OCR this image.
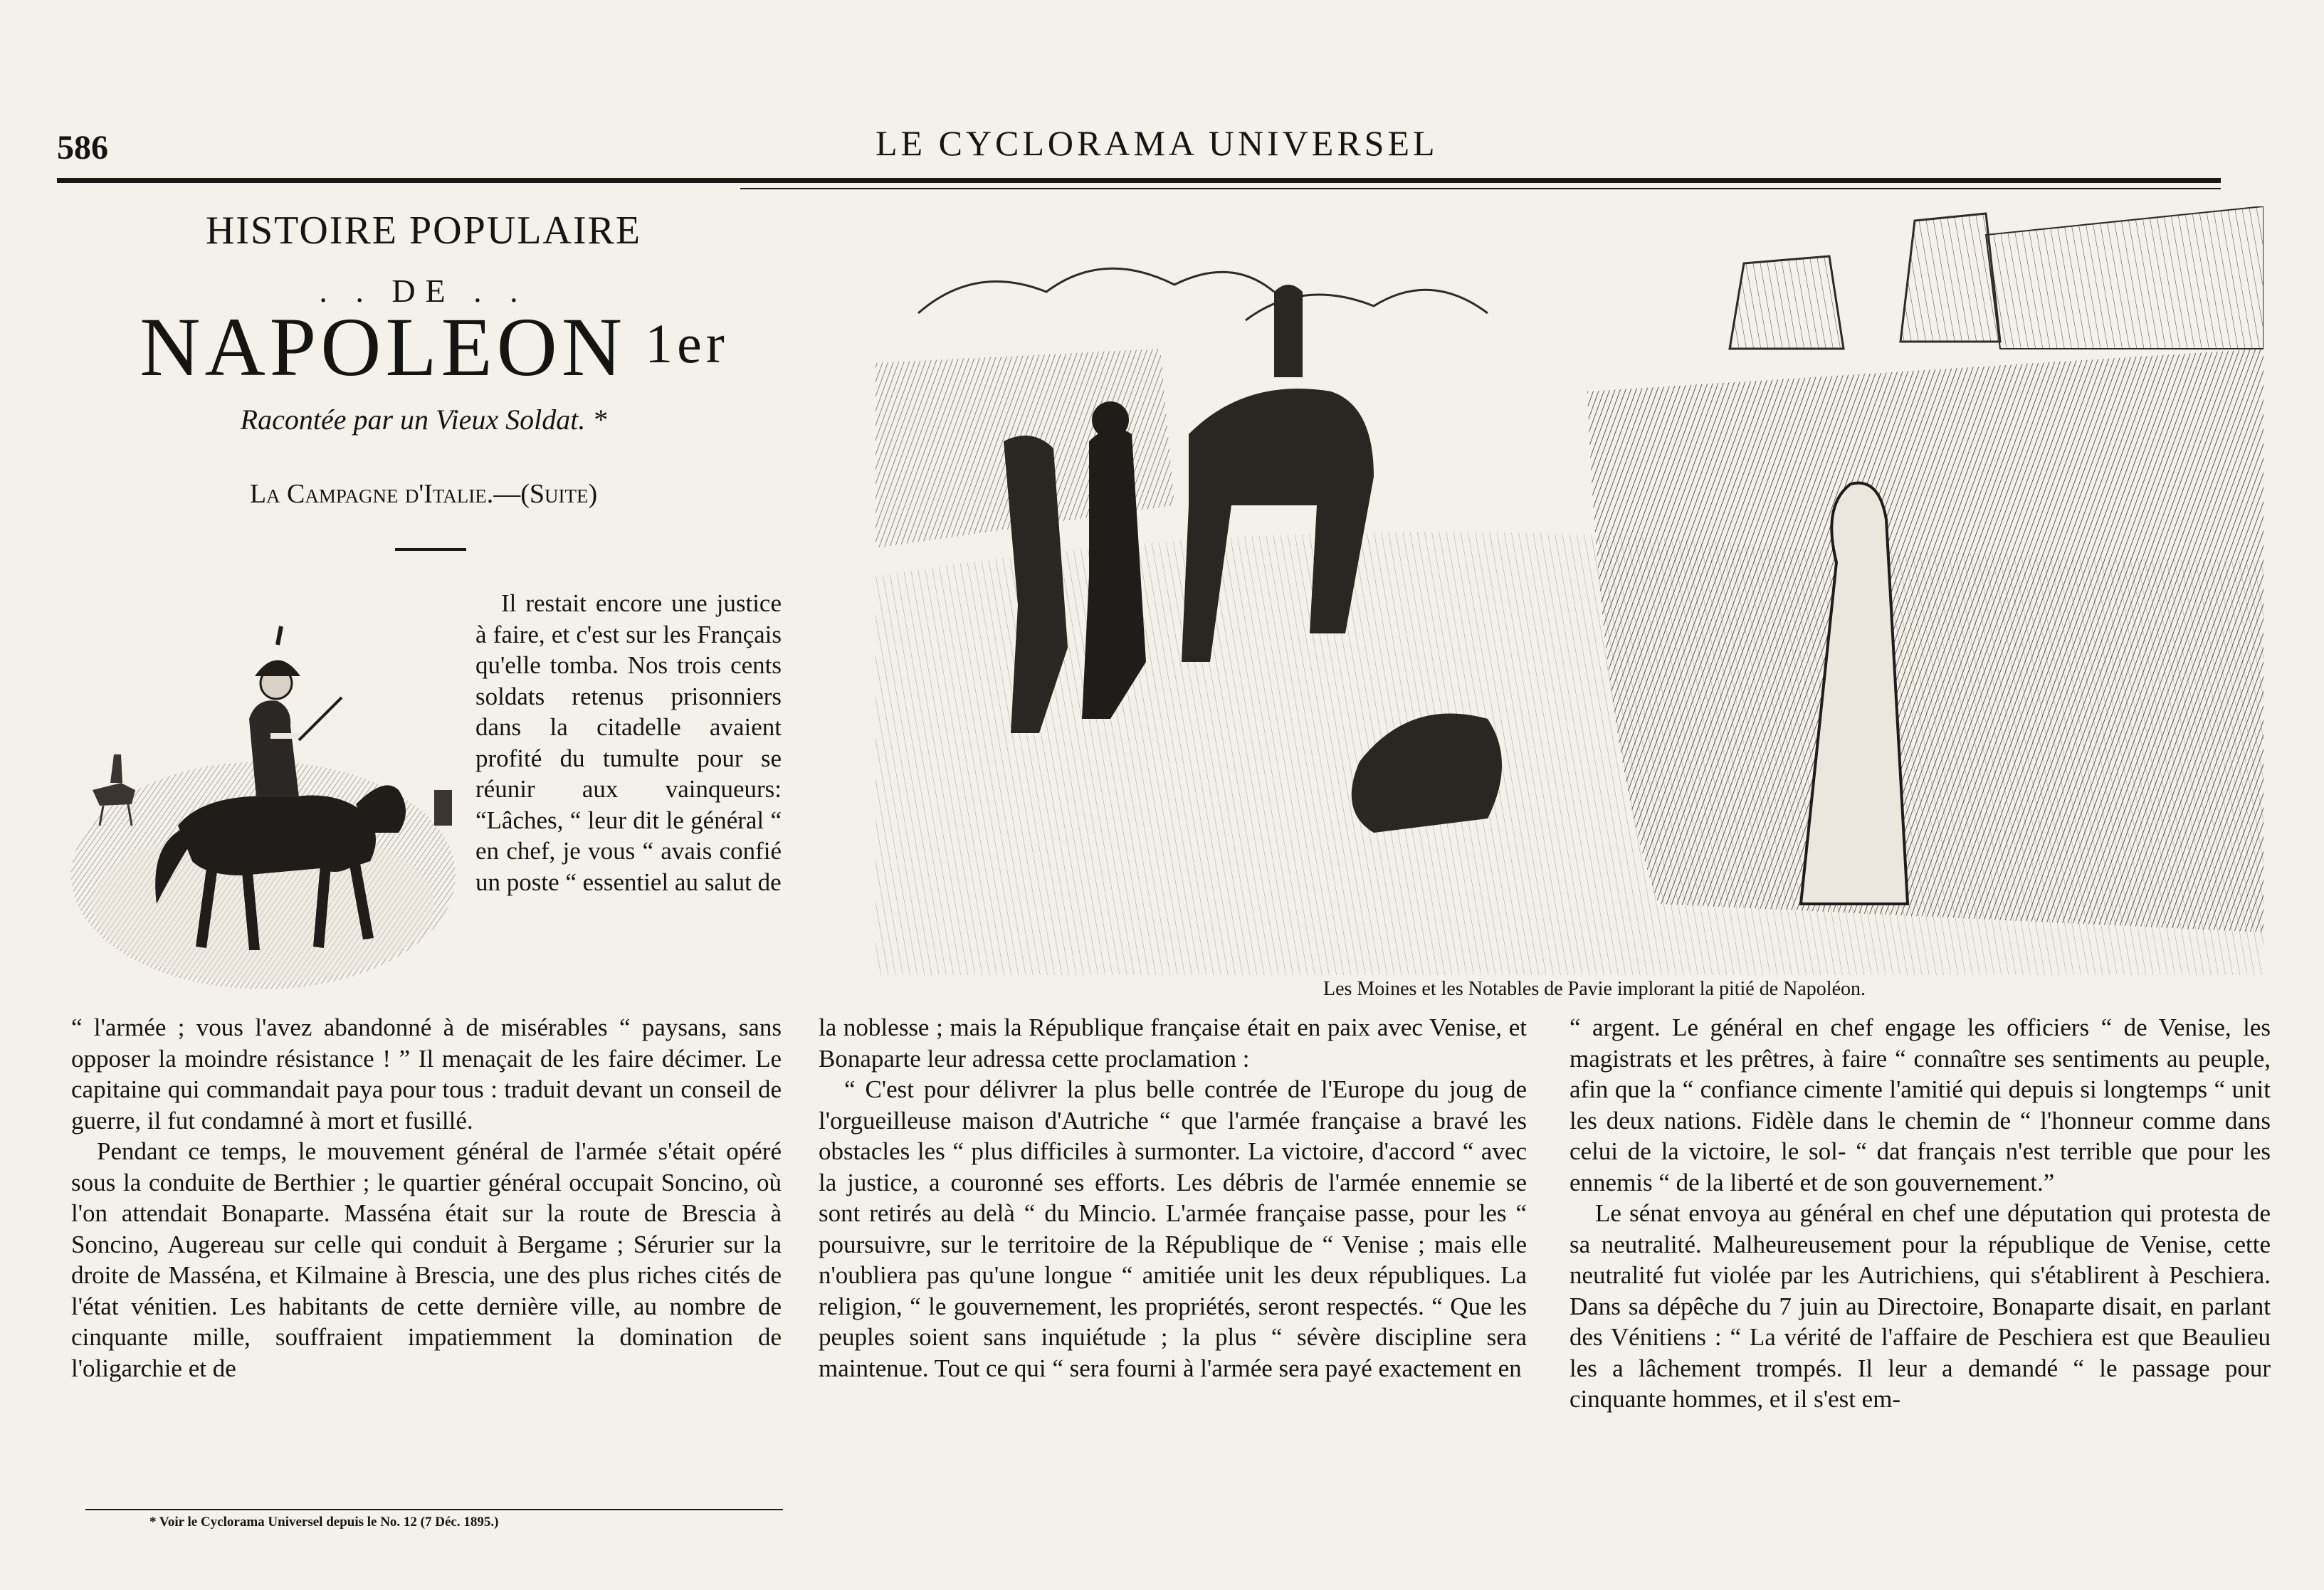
586	LE CYCLORAMA UNIVERSEL
HISTOIRE POPULAIRE
. . DE . .
NAPOLEON $^{1er}$
Racontée par un Vieux Soldat. *
La Campagne d'Italie.—(Suite)
Les Moines et les Notables de Pavie implorant la pitié de Napoléon.

Il restait encore une justice à faire, et c'est sur les Français qu'elle tomba. Nos trois cents soldats retenus prisonniers dans la citadelle avaient profité du tumulte pour se réunir aux vainqueurs: “Lâches, “ leur dit le général “ en chef, je vous “ avais confié un poste “ essentiel au salut de

“ l'armée ; vous l'avez abandonné à de misérables “ paysans, sans opposer la moindre résistance ! ” Il menaçait de les faire décimer. Le capitaine qui commandait paya pour tous : traduit devant un conseil de guerre, il fut condamné à mort et fusillé.

Pendant ce temps, le mouvement général de l'armée s'était opéré sous la conduite de Berthier ; le quartier général occupait Soncino, où l'on attendait Bonaparte. Masséna était sur la route de Brescia à Soncino, Augereau sur celle qui conduit à Bergame ; Sérurier sur la droite de Masséna, et Kilmaine à Brescia, une des plus riches cités de l'état vénitien. Les habitants de cette dernière ville, au nombre de cinquante mille, souffraient impatiemment la domination de l'oligarchie et de

la noblesse ; mais la République française était en paix avec Venise, et Bonaparte leur adressa cette proclamation :

“ C'est pour délivrer la plus belle contrée de l'Europe du joug de l'orgueilleuse maison d'Autriche “ que l'armée française a bravé les obstacles les “ plus difficiles à surmonter. La victoire, d'accord “ avec la justice, a couronné ses efforts. Les débris de l'armée ennemie se sont retirés au delà “ du Mincio. L'armée française passe, pour les “ poursuivre, sur le territoire de la République de “ Venise ; mais elle n'oubliera pas qu'une longue “ amitiée unit les deux républiques. La religion, “ le gouvernement, les propriétés, seront respectés. “ Que les peuples soient sans inquiétude ; la plus “ sévère discipline sera maintenue. Tout ce qui “ sera fourni à l'armée sera payé exactement en

“ argent. Le général en chef engage les officiers “ de Venise, les magistrats et les prêtres, à faire “ connaître ses sentiments au peuple, afin que la “ confiance cimente l'amitié qui depuis si longtemps “ unit les deux nations. Fidèle dans le chemin de “ l'honneur comme dans celui de la victoire, le sol- “ dat français n'est terrible que pour les ennemis “ de la liberté et de son gouvernement.”

Le sénat envoya au général en chef une députation qui protesta de sa neutralité. Malheureusement pour la république de Venise, cette neutralité fut violée par les Autrichiens, qui s'établirent à Peschiera. Dans sa dépêche du 7 juin au Directoire, Bonaparte disait, en parlant des Vénitiens : “ La vérité de l'affaire de Peschiera est que Beaulieu les a lâchement trompés. Il leur a demandé “ le passage pour cinquante hommes, et il s'est em-

* Voir le Cyclorama Universel depuis le No. 12 (7 Déc. 1895.)
